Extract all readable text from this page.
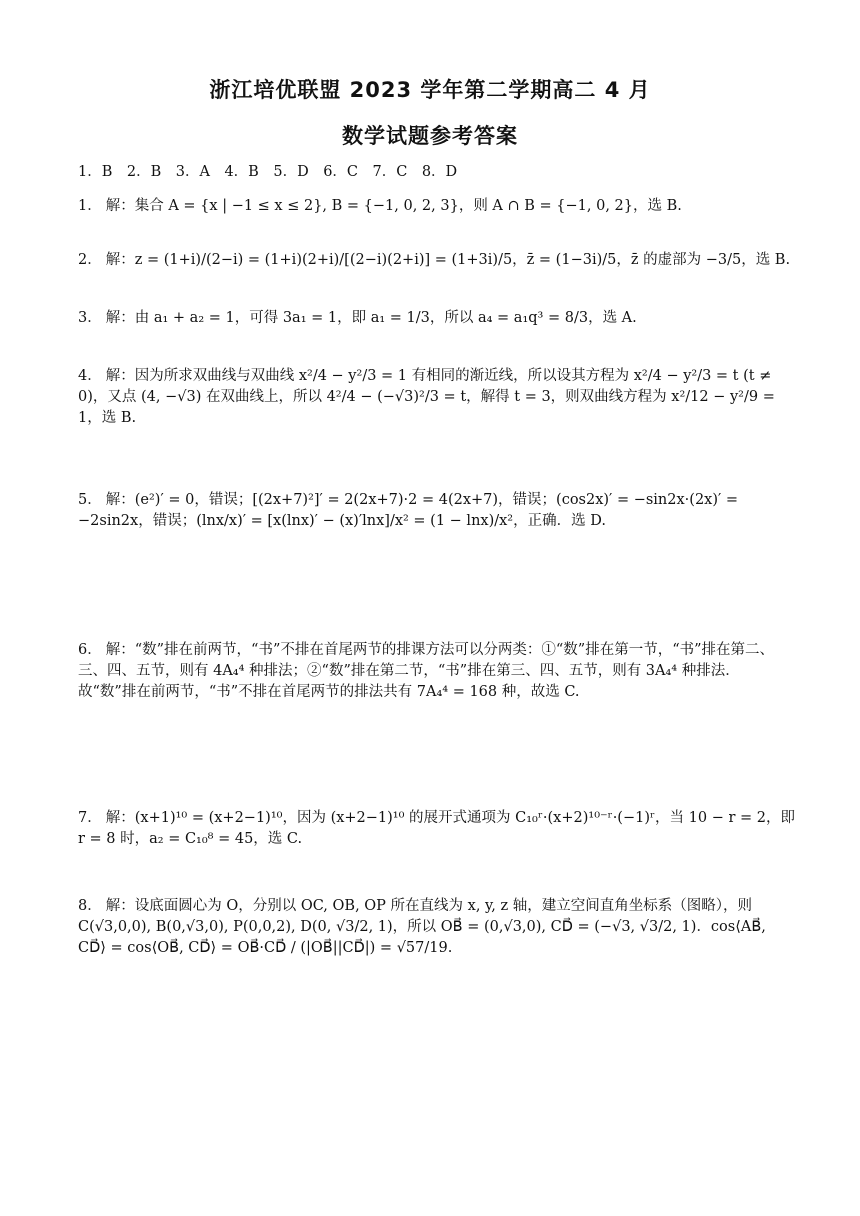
浙江培优联盟 2023 学年第二学期高二 4 月
数学试题参考答案
1．B　2．B　3．A　4．B　5．D　6．C　7．C　8．D
1． 解：集合 A = {x | −1 ≤ x ≤ 2}, B = {−1, 0, 2, 3}，则 A ∩ B = {−1, 0, 2}，选 B.
2． 解：z = (1+i)/(2−i) = (1+i)(2+i)/[(2−i)(2+i)] = (1+3i)/5，z̄ = (1−3i)/5，z̄ 的虚部为 −3/5，选 B.
3． 解：由 a₁ + a₂ = 1，可得 3a₁ = 1，即 a₁ = 1/3，所以 a₄ = a₁q³ = 8/3，选 A.
4． 解：因为所求双曲线与双曲线 x²/4 − y²/3 = 1 有相同的渐近线，所以设其方程为 x²/4 − y²/3 = t (t ≠ 0)，又点 (4, −√3) 在双曲线上，所以 4²/4 − (−√3)²/3 = t，解得 t = 3，则双曲线方程为 x²/12 − y²/9 = 1，选 B.
5． 解：(e²)′ = 0，错误；[(2x+7)²]′ = 2(2x+7)·2 = 4(2x+7)，错误；(cos2x)′ = −sin2x·(2x)′ = −2sin2x，错误；(lnx/x)′ = [x(lnx)′ − (x)′lnx]/x² = (1 − lnx)/x²，正确．选 D.
6． 解：“数”排在前两节，“书”不排在首尾两节的排课方法可以分两类：①“数”排在第一节，“书”排在第二、三、四、五节，则有 4A₄⁴ 种排法；②“数”排在第二节，“书”排在第三、四、五节，则有 3A₄⁴ 种排法．故“数”排在前两节，“书”不排在首尾两节的排法共有 7A₄⁴ = 168 种，故选 C.
7． 解：(x+1)¹⁰ = (x+2−1)¹⁰，因为 (x+2−1)¹⁰ 的展开式通项为 C₁₀ʳ·(x+2)¹⁰⁻ʳ·(−1)ʳ，当 10 − r = 2，即 r = 8 时，a₂ = C₁₀⁸ = 45，选 C.
8． 解：设底面圆心为 O，分别以 OC, OB, OP 所在直线为 x, y, z 轴，建立空间直角坐标系（图略），则 C(√3,0,0), B(0,√3,0), P(0,0,2), D(0, √3/2, 1)，所以 OB⃗ = (0,√3,0), CD⃗ = (−√3, √3/2, 1)．cos⟨AB⃗, CD⃗⟩ = cos⟨OB⃗, CD⃗⟩ = OB⃗·CD⃗ / (|OB⃗||CD⃗|) = √57/19.
